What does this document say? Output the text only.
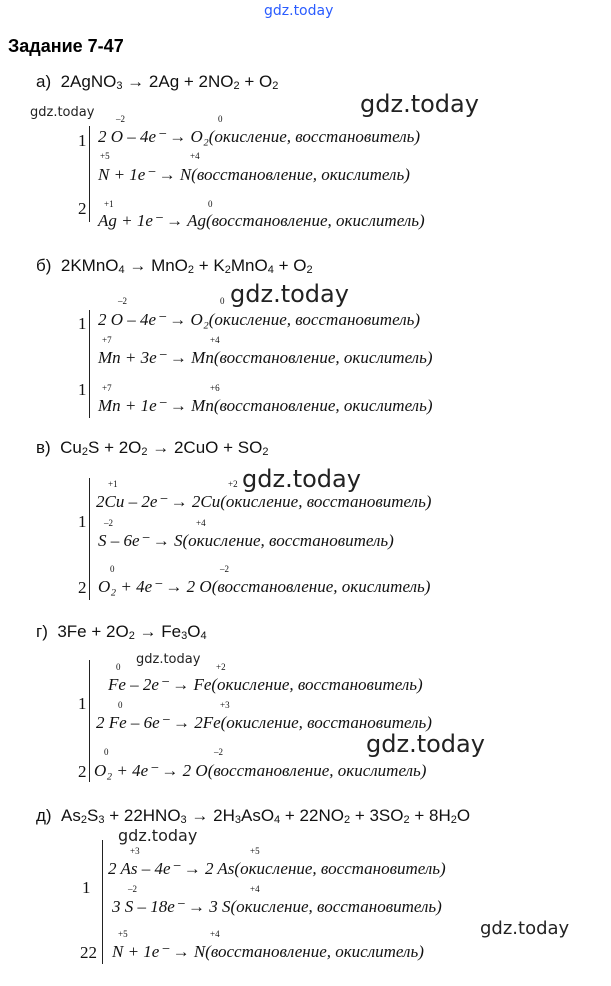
gdz.today
Задание 7-47
а) 2AgNO$_3$ → $2Ag + 2NO_2 + O_2$
gdz.today	gdz.today
1
2
–2	0
2 O – 4e⁻ → O₂(окисление, восстановитель)
+5	+4
N + 1e⁻ → N(восстановление, окислитель)
+1	0
Ag + 1e⁻ → Ag(восстановление, окислитель)
б) 2KMnO$_4$ → $MnO_2 + K_2MnO_4 + O_2$
gdz.today
1
1
–2	0
2 O – 4e⁻ → O₂(окисление, восстановитель)
+7	+4
Mn + 3e⁻ → Mn(восстановление, окислитель)
+7	+6
Mn + 1e⁻ → Mn(восстановление, окислитель)
в) $Cu_2S + 2O_2 \to 2CuO + SO_2$
gdz.today
1
2
+1	+2
2Cu – 2e⁻ → 2Cu(окисление, восстановитель)
–2	+4
S – 6e⁻ → S(окисление, восстановитель)
0	–2
O₂ + 4e⁻ → 2 O(восстановление, окислитель)
г) $3Fe + 2O_2 \to Fe_3O_4$
gdz.today
gdz.today
1
2
0	+2
Fe – 2e⁻ → Fe(окисление, восстановитель)
0	+3
2 Fe – 6e⁻ → 2Fe(окисление, восстановитель)
0	–2
O₂ + 4e⁻ → 2 O(восстановление, окислитель)
д) $As_2S_3 + 22HNO_3 \to 2H_3AsO_4 + 22NO_2 + 3SO_2 + 8H_2O$
gdz.today
gdz.today
1
22
+3	+5
2 As – 4e⁻ → 2 As(окисление, восстановитель)
–2	+4
3 S – 18e⁻ → 3 S(окисление, восстановитель)
+5	+4
N + 1e⁻ → N(восстановление, окислитель)
